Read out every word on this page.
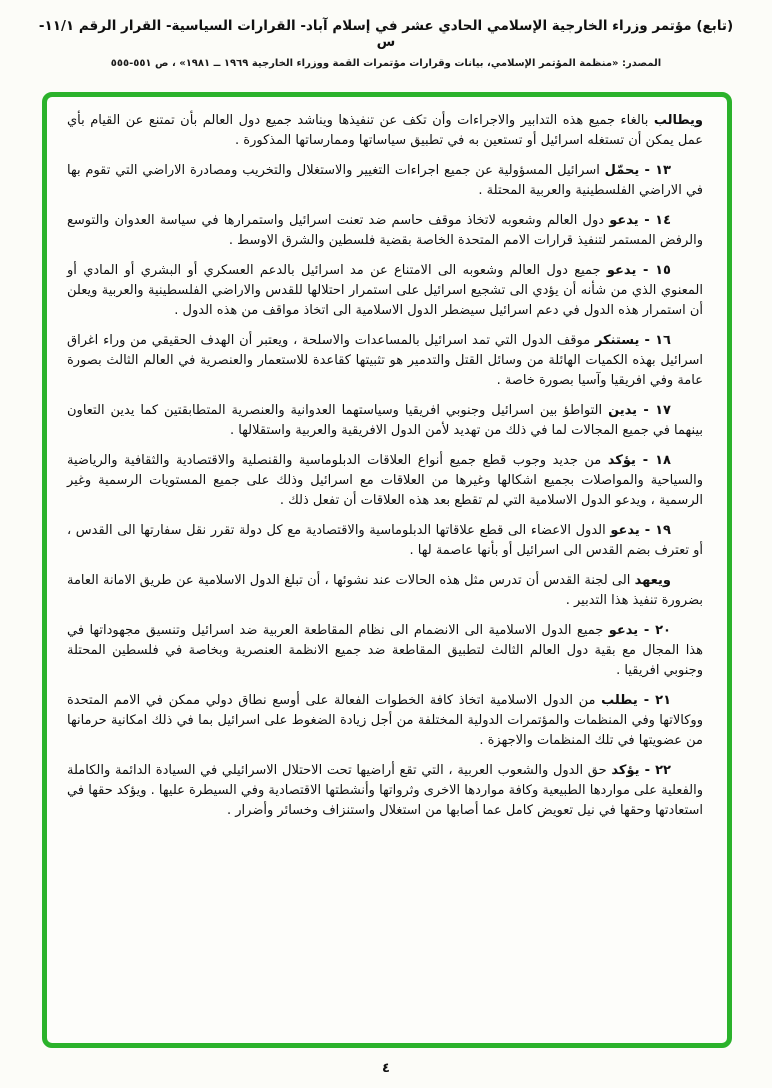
(تابع) مؤتمر وزراء الخارجية الإسلامي الحادي عشر في إسلام آباد- القرارات السياسية- القرار الرقم ١١/١- س
المصدر: «منظمة المؤتمر الإسلامي، بيانات وقرارات مؤتمرات القمة ووزراء الخارجية ١٩٦٩ ــ ١٩٨١» ، ص ٥٥١-٥٥٥

ويطالب بالغاء جميع هذه التدابير والاجراءات وأن تكف عن تنفيذها ويناشد جميع دول العالم بأن تمتنع عن القيام بأي عمل يمكن أن تستغله اسرائيل أو تستعين به في تطبيق سياساتها وممارساتها المذكورة .

١٣ - يحمّل اسرائيل المسؤولية عن جميع اجراءات التغيير والاستغلال والتخريب ومصادرة الاراضي التي تقوم بها في الاراضي الفلسطينية والعربية المحتلة .

١٤ - يدعو دول العالم وشعوبه لاتخاذ موقف حاسم ضد تعنت اسرائيل واستمرارها في سياسة العدوان والتوسع والرفض المستمر لتنفيذ قرارات الامم المتحدة الخاصة بقضية فلسطين والشرق الاوسط .

١٥ - يدعو جميع دول العالم وشعوبه الى الامتناع عن مد اسرائيل بالدعم العسكري أو البشري أو المادي أو المعنوي الذي من شأنه أن يؤدي الى تشجيع اسرائيل على استمرار احتلالها للقدس والاراضي الفلسطينية والعربية ويعلن أن استمرار هذه الدول في دعم اسرائيل سيضطر الدول الاسلامية الى اتخاذ مواقف من هذه الدول .

١٦ - يستنكر موقف الدول التي تمد اسرائيل بالمساعدات والاسلحة ، ويعتبر أن الهدف الحقيقي من وراء اغراق اسرائيل بهذه الكميات الهائلة من وسائل القتل والتدمير هو تثبيتها كقاعدة للاستعمار والعنصرية في العالم الثالث بصورة عامة وفي افريقيا وآسيا بصورة خاصة .

١٧ - يدين التواطؤ بين اسرائيل وجنوبي افريقيا وسياستهما العدوانية والعنصرية المتطابقتين كما يدين التعاون بينهما في جميع المجالات لما في ذلك من تهديد لأمن الدول الافريقية والعربية واستقلالها .

١٨ - يؤكد من جديد وجوب قطع جميع أنواع العلاقات الدبلوماسية والقنصلية والاقتصادية والثقافية والرياضية والسياحية والمواصلات بجميع اشكالها وغيرها من العلاقات مع اسرائيل وذلك على جميع المستويات الرسمية وغير الرسمية ، ويدعو الدول الاسلامية التي لم تقطع بعد هذه العلاقات أن تفعل ذلك .

١٩ - يدعو الدول الاعضاء الى قطع علاقاتها الدبلوماسية والاقتصادية مع كل دولة تقرر نقل سفارتها الى القدس ، أو تعترف بضم القدس الى اسرائيل أو بأنها عاصمة لها .

ويعهد الى لجنة القدس أن تدرس مثل هذه الحالات عند نشوئها ، أن تبلغ الدول الاسلامية عن طريق الامانة العامة بضرورة تنفيذ هذا التدبير .

٢٠ - يدعو جميع الدول الاسلامية الى الانضمام الى نظام المقاطعة العربية ضد اسرائيل وتنسيق مجهوداتها في هذا المجال مع بقية دول العالم الثالث لتطبيق المقاطعة ضد جميع الانظمة العنصرية وبخاصة في فلسطين المحتلة وجنوبي افريقيا .

٢١ - يطلب من الدول الاسلامية اتخاذ كافة الخطوات الفعالة على أوسع نطاق دولي ممكن في الامم المتحدة ووكالاتها وفي المنظمات والمؤتمرات الدولية المختلفة من أجل زيادة الضغوط على اسرائيل بما في ذلك امكانية حرمانها من عضويتها في تلك المنظمات والاجهزة .

٢٢ - يؤكد حق الدول والشعوب العربية ، التي تقع أراضيها تحت الاحتلال الاسرائيلي في السيادة الدائمة والكاملة والفعلية على مواردها الطبيعية وكافة مواردها الاخرى وثرواتها وأنشطتها الاقتصادية وفي السيطرة عليها . ويؤكد حقها في استعادتها وحقها في نيل تعويض كامل عما أصابها من استغلال واستنزاف وخسائر وأضرار .

٤
